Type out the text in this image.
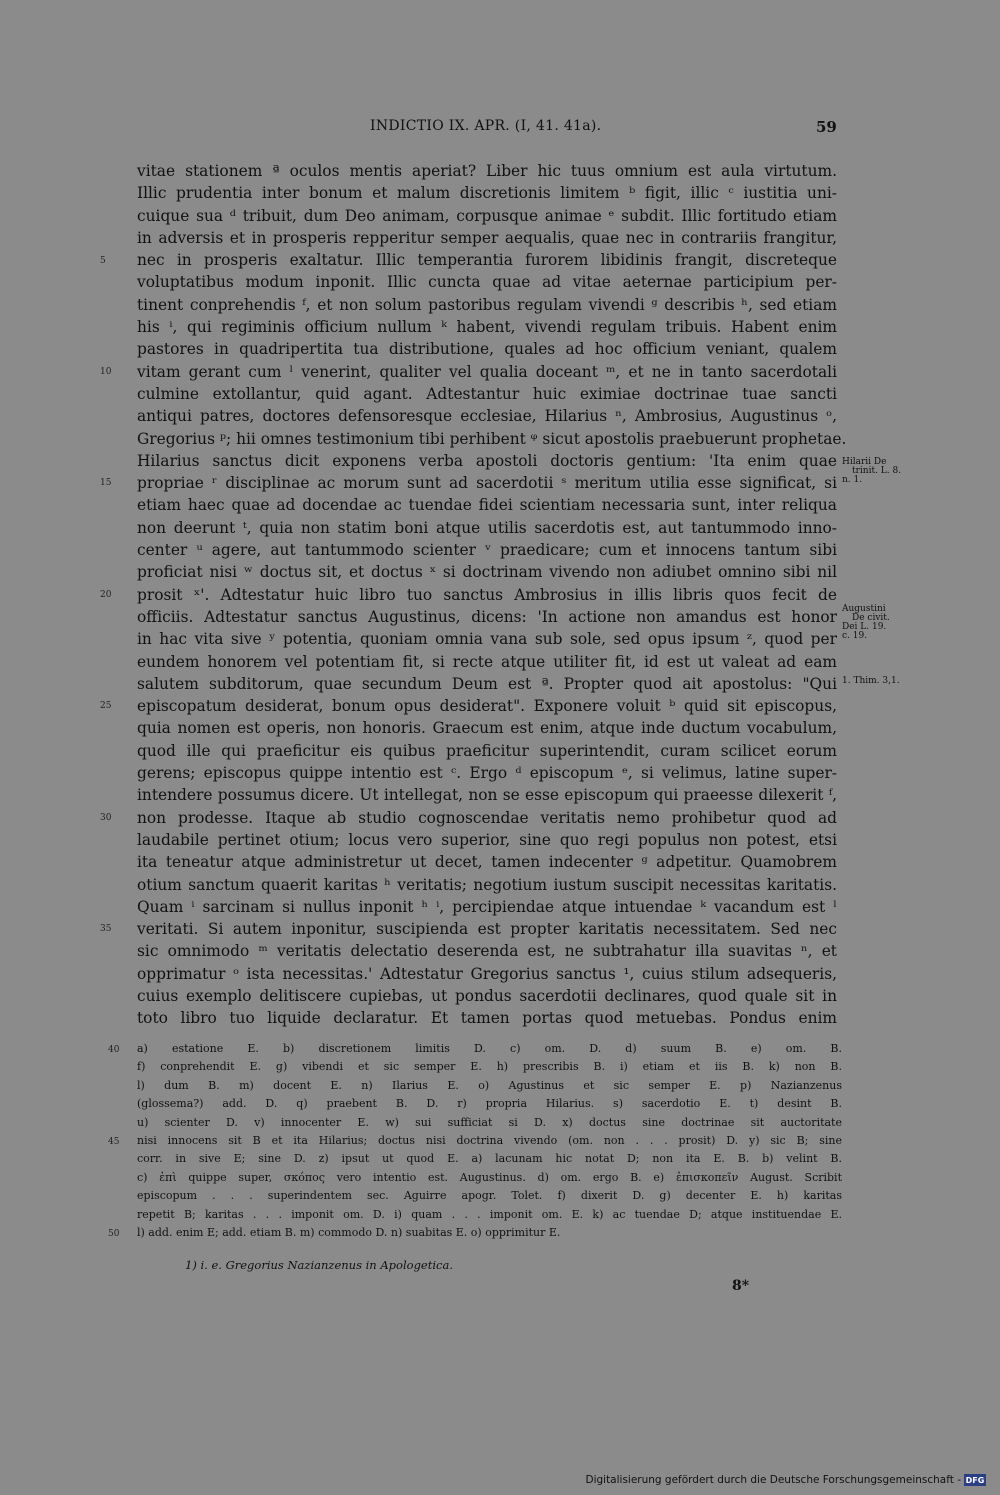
INDICTIO IX. APR. (I, 41. 41a).	59
vitae stationem ª oculos mentis aperiat? Liber hic tuus omnium est aula virtutum.
Illic prudentia inter bonum et malum discretionis limitem ᵇ figit, illic ᶜ iustitia uni-
cuique sua ᵈ tribuit, dum Deo animam, corpusque animae ᵉ subdit. Illic fortitudo etiam
in adversis et in prosperis repperitur semper aequalis, quae nec in contrariis frangitur,
nec in prosperis exaltatur. Illic temperantia furorem libidinis frangit, discreteque
voluptatibus modum inponit. Illic cuncta quae ad vitae aeternae participium per-
tinent conprehendis ᶠ, et non solum pastoribus regulam vivendi ᵍ describis ʰ, sed etiam
his ⁱ, qui regiminis officium nullum ᵏ habent, vivendi regulam tribuis. Habent enim
pastores in quadripertita tua distributione, quales ad hoc officium veniant, qualem
vitam gerant cum ˡ venerint, qualiter vel qualia doceant ᵐ, et ne in tanto sacerdotali
culmine extollantur, quid agant. Adtestantur huic eximiae doctrinae tuae sancti
antiqui patres, doctores defensoresque ecclesiae, Hilarius ⁿ, Ambrosius, Augustinus ᵒ,
Gregorius ᵖ; hii omnes testimonium tibi perhibent ᵠ sicut apostolis praebuerunt prophetae.
Hilarius sanctus dicit exponens verba apostoli doctoris gentium: 'Ita enim quae
propriae ʳ disciplinae ac morum sunt ad sacerdotii ˢ meritum utilia esse significat, si
etiam haec quae ad docendae ac tuendae fidei scientiam necessaria sunt, inter reliqua
non deerunt ᵗ, quia non statim boni atque utilis sacerdotis est, aut tantummodo inno-
center ᵘ agere, aut tantummodo scienter ᵛ praedicare; cum et innocens tantum sibi
proficiat nisi ʷ doctus sit, et doctus ˣ si doctrinam vivendo non adiubet omnino sibi nil
prosit ˣ'. Adtestatur huic libro tuo sanctus Ambrosius in illis libris quos fecit de
officiis. Adtestatur sanctus Augustinus, dicens: 'In actione non amandus est honor
in hac vita sive ʸ potentia, quoniam omnia vana sub sole, sed opus ipsum ᶻ, quod per
eundem honorem vel potentiam fit, si recte atque utiliter fit, id est ut valeat ad eam
salutem subditorum, quae secundum Deum est ª. Propter quod ait apostolus: "Qui
episcopatum desiderat, bonum opus desiderat". Exponere voluit ᵇ quid sit episcopus,
quia nomen est operis, non honoris. Graecum est enim, atque inde ductum vocabulum,
quod ille qui praeficitur eis quibus praeficitur superintendit, curam scilicet eorum
gerens; episcopus quippe intentio est ᶜ. Ergo ᵈ episcopum ᵉ, si velimus, latine super-
intendere possumus dicere. Ut intellegat, non se esse episcopum qui praeesse dilexerit ᶠ,
non prodesse. Itaque ab studio cognoscendae veritatis nemo prohibetur quod ad
laudabile pertinet otium; locus vero superior, sine quo regi populus non potest, etsi
ita teneatur atque administretur ut decet, tamen indecenter ᵍ adpetitur. Quamobrem
otium sanctum quaerit karitas ʰ veritatis; negotium iustum suscipit necessitas karitatis.
Quam ⁱ sarcinam si nullus inponit ʰ ⁱ, percipiendae atque intuendae ᵏ vacandum est ˡ
veritati. Si autem inponitur, suscipienda est propter karitatis necessitatem. Sed nec
sic omnimodo ᵐ veritatis delectatio deserenda est, ne subtrahatur illa suavitas ⁿ, et
opprimatur ᵒ ista necessitas.' Adtestatur Gregorius sanctus ¹, cuius stilum adsequeris,
cuius exemplo delitiscere cupiebas, ut pondus sacerdotii declinares, quod quale sit in
toto libro tuo liquide declaratur. Et tamen portas quod metuebas. Pondus enim
5
10
15
20
25
30
35
Hilarii De
trinit. L. 8.
n. 1.
Augustini
De civit.
Dei L. 19.
c. 19.
1. Thim. 3,1.
a) estatione E. b) discretionem limitis D. c) om. D. d) suum B. e) om. B.
f) conprehendit E. g) vibendi et sic semper E. h) prescribis B. i) etiam et iis B. k) non B.
l) dum B. m) docent E. n) Ilarius E. o) Agustinus et sic semper E. p) Nazianzenus
(glossema?) add. D. q) praebent B. D. r) propria Hilarius. s) sacerdotio E. t) desint B.
u) scienter D. v) innocenter E. w) sui sufficiat si D. x) doctus sine doctrinae sit auctoritate
nisi innocens sit B et ita Hilarius; doctus nisi doctrina vivendo (om. non . . . prosit) D. y) sic B; sine
corr. in sive E; sine D. z) ipsut ut quod E. a) lacunam hic notat D; non ita E. B. b) velint B.
c) ἐπὶ quippe super, σκόπος vero intentio est. Augustinus. d) om. ergo B. e) ἐπισκοπεῖν August. Scribit
episcopum . . . superindentem sec. Aguirre apogr. Tolet. f) dixerit D. g) decenter E. h) karitas
repetit B; karitas . . . imponit om. D. i) quam . . . imponit om. E. k) ac tuendae D; atque instituendae E.
l) add. enim E; add. etiam B. m) commodo D. n) suabitas E. o) opprimitur E.
40
45
50
1) i. e. Gregorius Nazianzenus in Apologetica.
8*
Digitalisierung gefördert durch die Deutsche Forschungsgemeinschaft - DFG
